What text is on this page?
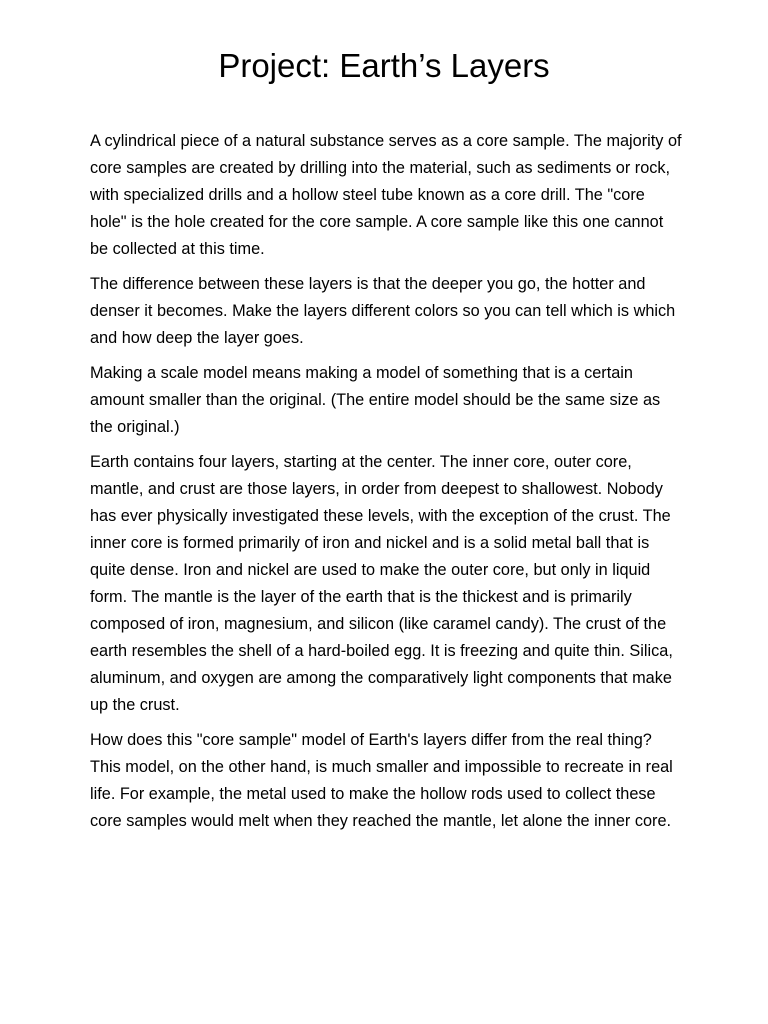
Project: Earth’s Layers

A cylindrical piece of a natural substance serves as a core sample. The majority of core samples are created by drilling into the material, such as sediments or rock, with specialized drills and a hollow steel tube known as a core drill. The "core hole" is the hole created for the core sample. A core sample like this one cannot be collected at this time.

The difference between these layers is that the deeper you go, the hotter and denser it becomes. Make the layers different colors so you can tell which is which and how deep the layer goes.

Making a scale model means making a model of something that is a certain amount smaller than the original. (The entire model should be the same size as the original.)

Earth contains four layers, starting at the center. The inner core, outer core, mantle, and crust are those layers, in order from deepest to shallowest. Nobody has ever physically investigated these levels, with the exception of the crust. The inner core is formed primarily of iron and nickel and is a solid metal ball that is quite dense. Iron and nickel are used to make the outer core, but only in liquid form. The mantle is the layer of the earth that is the thickest and is primarily composed of iron, magnesium, and silicon (like caramel candy). The crust of the earth resembles the shell of a hard-boiled egg. It is freezing and quite thin. Silica, aluminum, and oxygen are among the comparatively light components that make up the crust.

How does this "core sample" model of Earth's layers differ from the real thing? This model, on the other hand, is much smaller and impossible to recreate in real life. For example, the metal used to make the hollow rods used to collect these core samples would melt when they reached the mantle, let alone the inner core.
